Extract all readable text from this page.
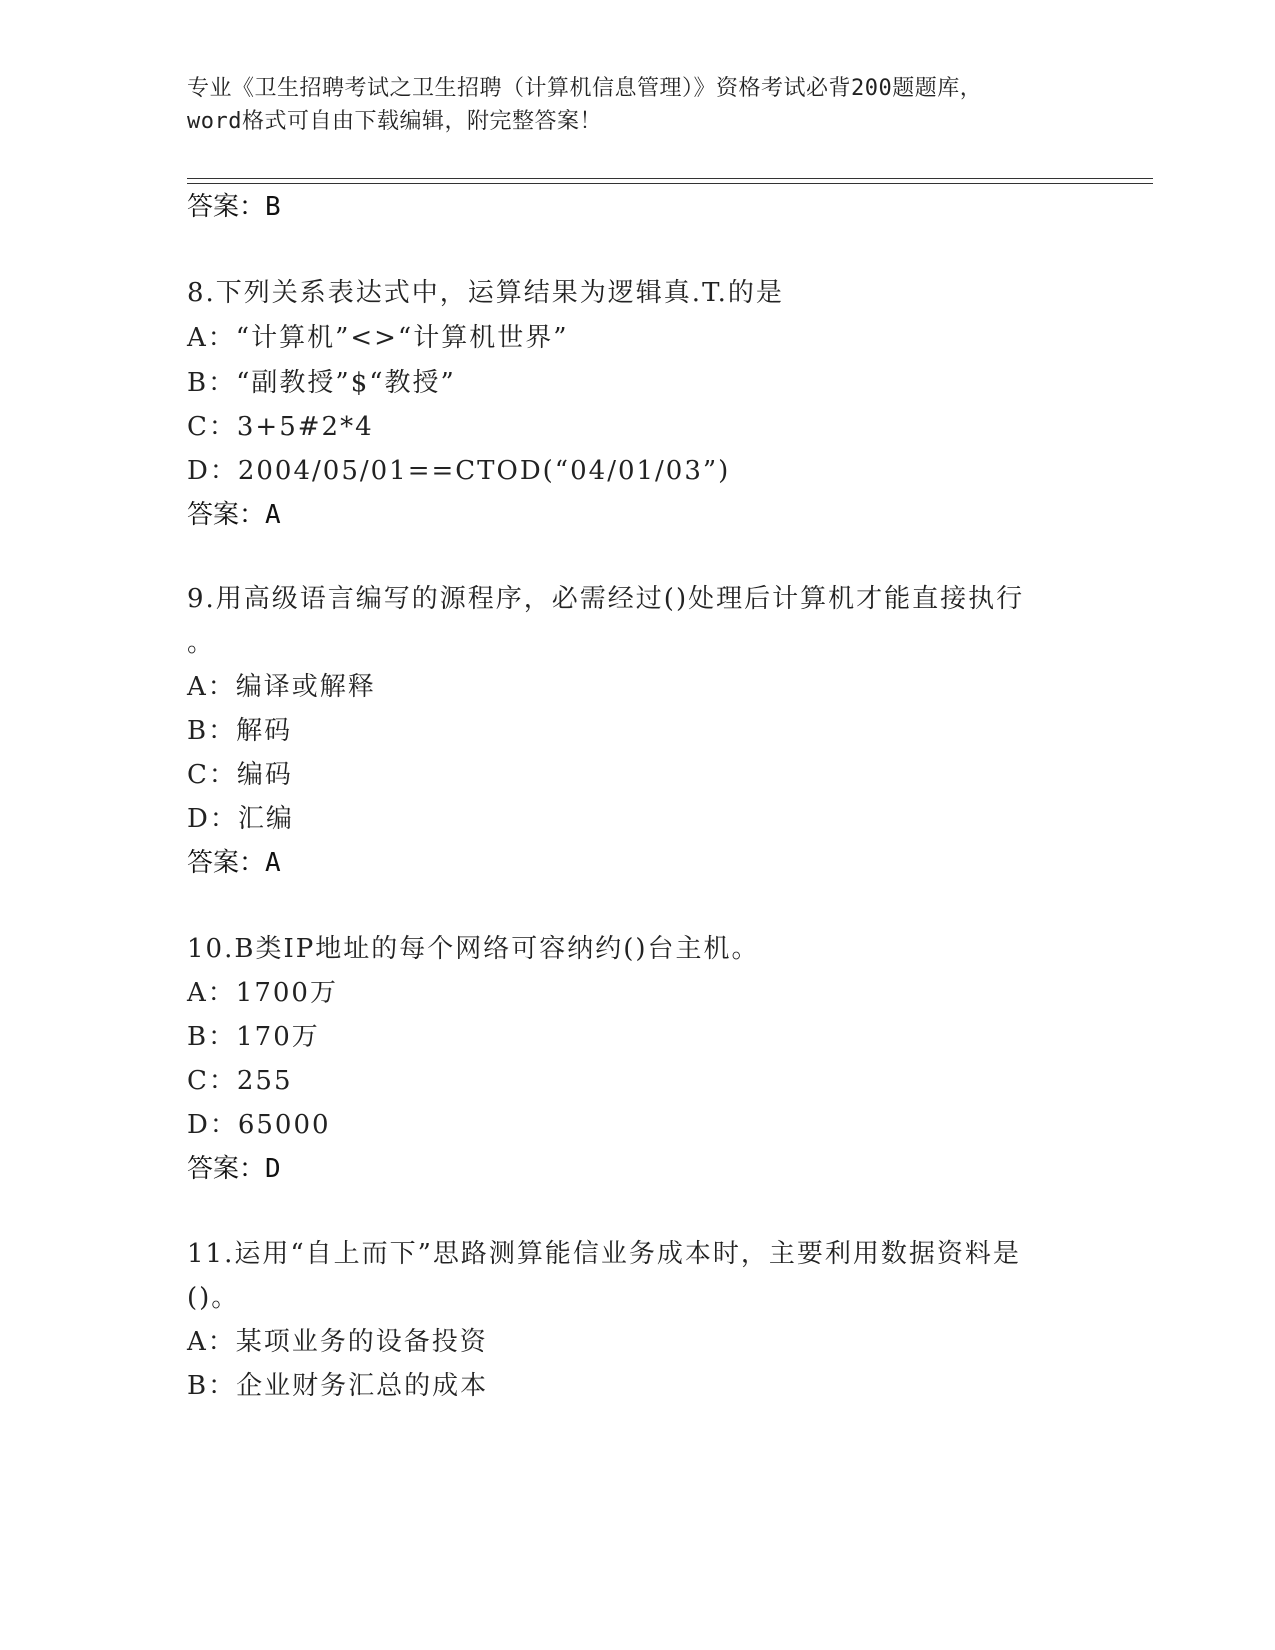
专业《卫生招聘考试之卫生招聘（计算机信息管理）》资格考试必背200题题库，
word格式可自由下载编辑，附完整答案！
答案：B
8.下列关系表达式中，运算结果为逻辑真.T.的是
A：“计算机”<>“计算机世界”
B：“副教授”$“教授”
C：3+5#2*4
D：2004/05/01==CTOD(“04/01/03”)
答案：A
9.用高级语言编写的源程序，必需经过()处理后计算机才能直接执行
。
A：编译或解释
B：解码
C：编码
D：汇编
答案：A
10.B类IP地址的每个网络可容纳约()台主机。
A：1700万
B：170万
C：255
D：65000
答案：D
11.运用“自上而下”思路测算能信业务成本时，主要利用数据资料是
()。
A：某项业务的设备投资
B：企业财务汇总的成本
